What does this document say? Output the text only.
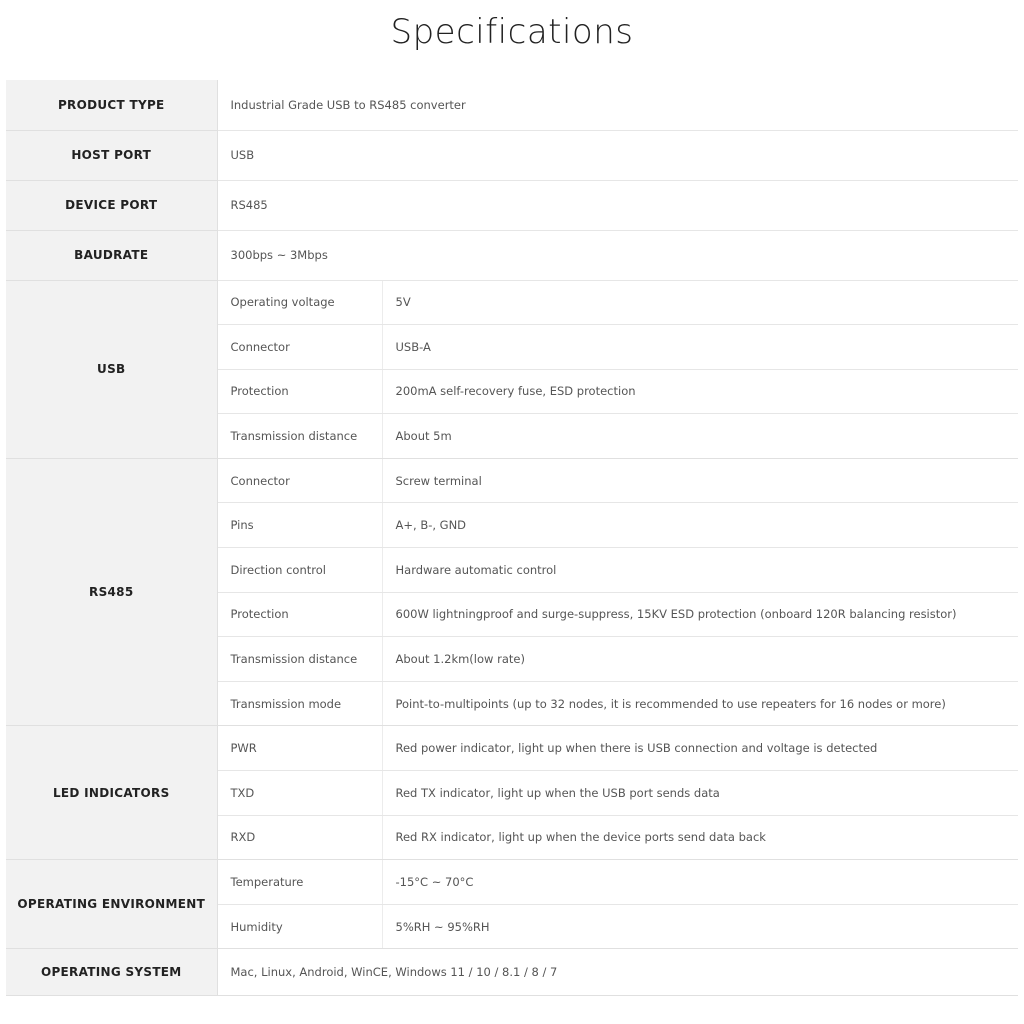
Specifications
PRODUCT TYPE	Industrial Grade USB to RS485 converter	
HOST PORT	USB	
DEVICE PORT	RS485	
BAUDRATE	300bps ~ 3Mbps	
USB	Operating voltage	5V
	Connector	USB-A
	Protection	200mA self-recovery fuse, ESD protection
	Transmission distance	About 5m
RS485	Connector	Screw terminal
	Pins	A+, B-, GND
	Direction control	Hardware automatic control
	Protection	600W lightningproof and surge-suppress, 15KV ESD protection (onboard 120R balancing resistor)
	Transmission distance	About 1.2km(low rate)
	Transmission mode	Point-to-multipoints (up to 32 nodes, it is recommended to use repeaters for 16 nodes or more)
LED INDICATORS	PWR	Red power indicator, light up when there is USB connection and voltage is detected
	TXD	Red TX indicator, light up when the USB port sends data
	RXD	Red RX indicator, light up when the device ports send data back
OPERATING ENVIRONMENT	Temperature	-15°C ~ 70°C
	Humidity	5%RH ~ 95%RH
OPERATING SYSTEM	Mac, Linux, Android, WinCE, Windows 11 / 10 / 8.1 / 8 / 7	
